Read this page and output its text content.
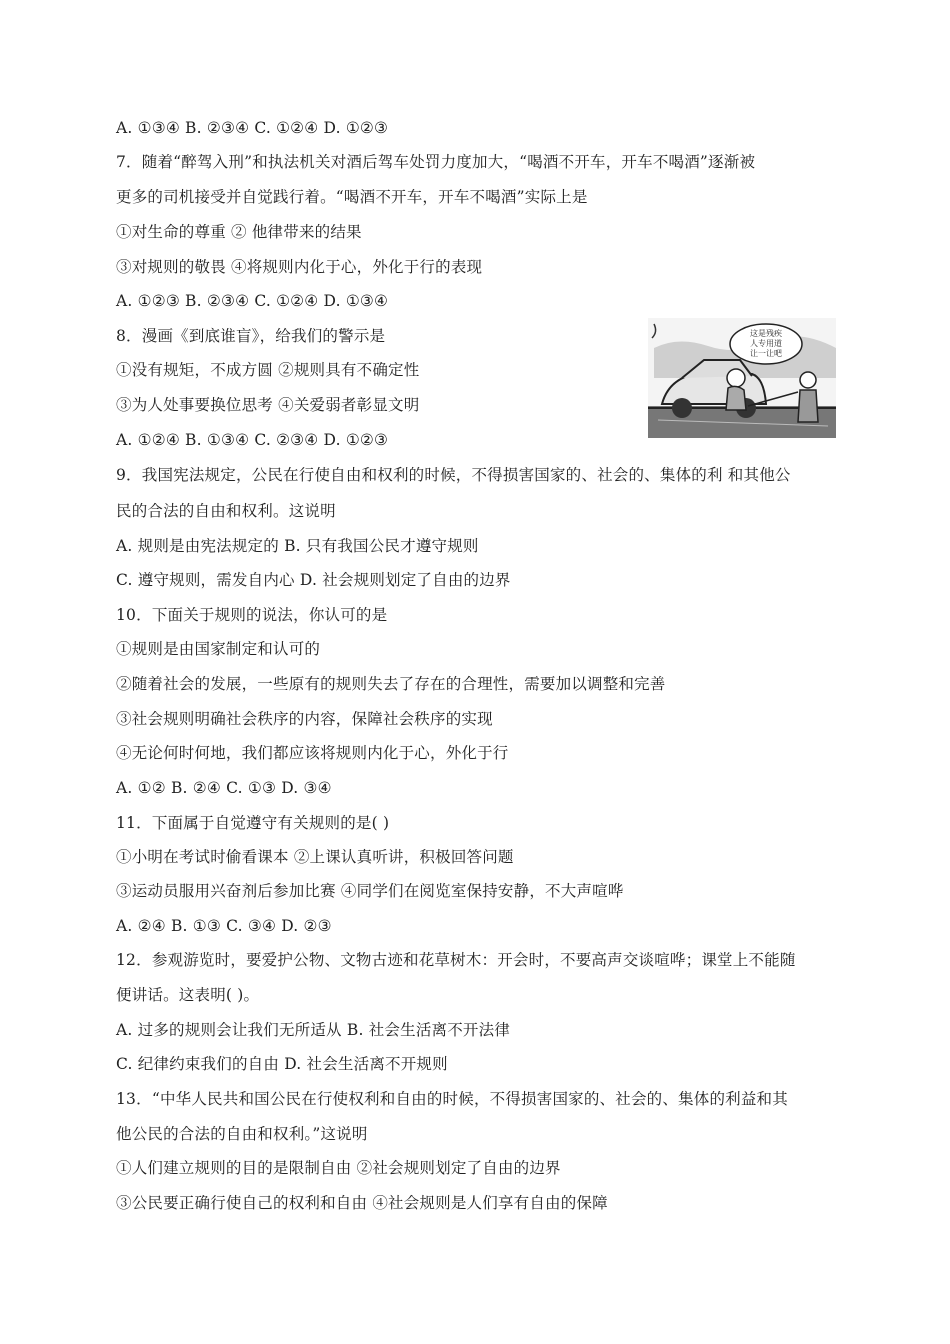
A. ①③④ B. ②③④ C. ①②④ D. ①②③
7．随着“醉驾入刑”和执法机关对酒后驾车处罚力度加大，“喝酒不开车，开车不喝酒”逐渐被
更多的司机接受并自觉践行着。“喝酒不开车，开车不喝酒”实际上是
①对生命的尊重 ② 他律带来的结果
③对规则的敬畏 ④将规则内化于心，外化于行的表现
A. ①②③ B. ②③④ C. ①②④ D. ①③④
8．漫画《到底谁盲》，给我们的警示是
①没有规矩，不成方圆 ②规则具有不确定性
③为人处事要换位思考 ④关爱弱者彰显文明
A. ①②④ B. ①③④ C. ②③④ D. ①②③
9．我国宪法规定，公民在行使自由和权利的时候，不得损害国家的、社会的、集体的利 和其他公
民的合法的自由和权利。这说明
A. 规则是由宪法规定的 B. 只有我国公民才遵守规则
C. 遵守规则，需发自内心 D. 社会规则划定了自由的边界
10．下面关于规则的说法，你认可的是
①规则是由国家制定和认可的
②随着社会的发展，一些原有的规则失去了存在的合理性，需要加以调整和完善
③社会规则明确社会秩序的内容，保障社会秩序的实现
④无论何时何地，我们都应该将规则内化于心，外化于行
A. ①② B. ②④ C. ①③ D. ③④
11．下面属于自觉遵守有关规则的是( )
①小明在考试时偷看课本 ②上课认真听讲，积极回答问题
③运动员服用兴奋剂后参加比赛 ④同学们在阅览室保持安静，不大声喧哗
A. ②④ B. ①③ C. ③④ D. ②③
12．参观游览时，要爱护公物、文物古迹和花草树木：开会时，不要高声交谈喧哗；课堂上不能随
便讲话。这表明( )。
A. 过多的规则会让我们无所适从 B. 社会生活离不开法律
C. 纪律约束我们的自由 D. 社会生活离不开规则
13．“中华人民共和国公民在行使权利和自由的时候，不得损害国家的、社会的、集体的利益和其
他公民的合法的自由和权利。”这说明
①人们建立规则的目的是限制自由 ②社会规则划定了自由的边界
③公民要正确行使自己的权利和自由 ④社会规则是人们享有自由的保障
这是残疾
人专用道
让一让吧
